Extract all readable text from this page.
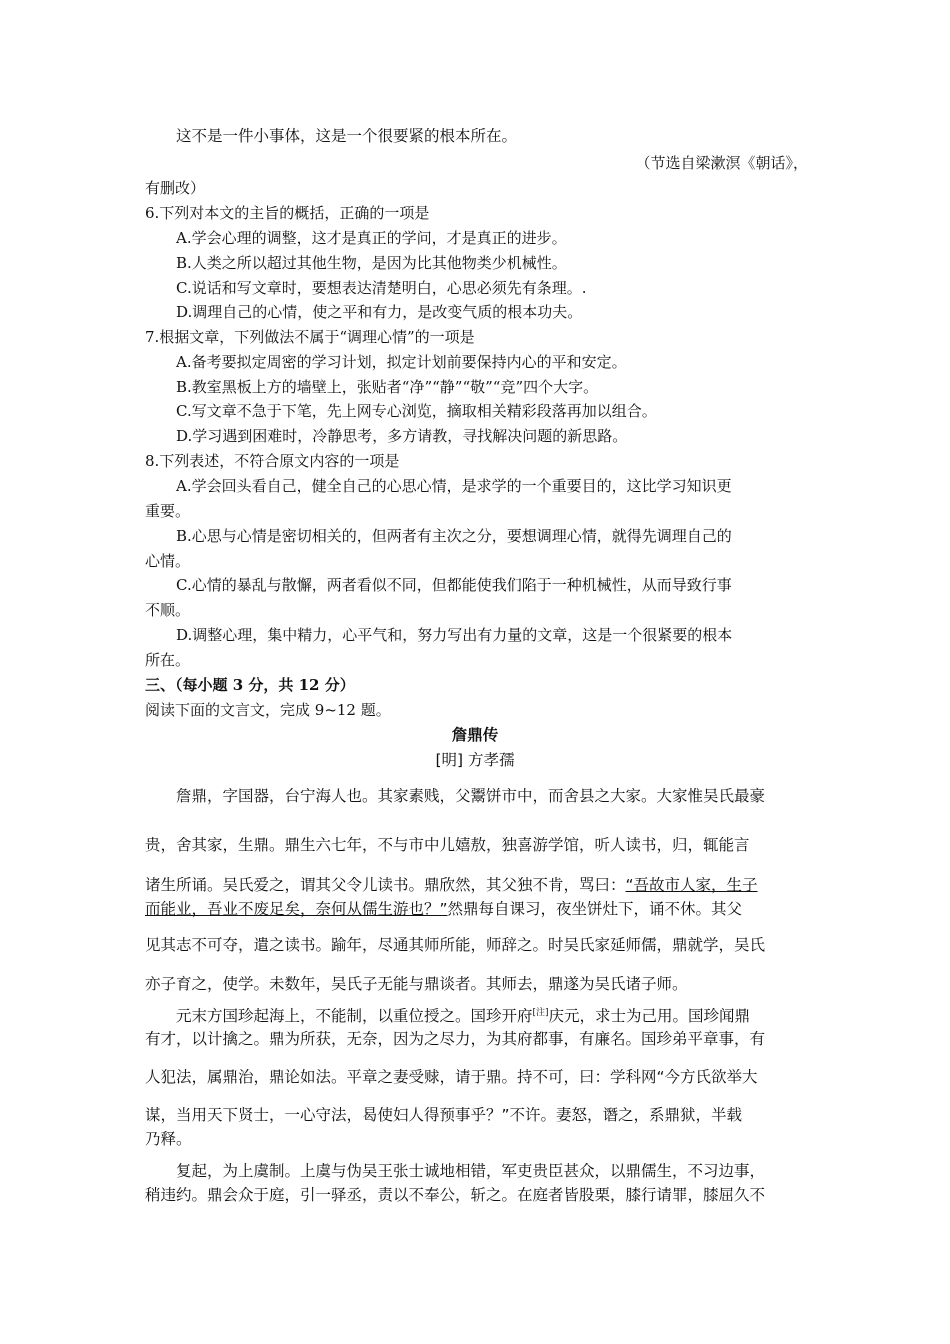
这不是一件小事体，这是一个很要紧的根本所在。
（节选自梁漱溟《朝话》，
有删改）
6.下列对本文的主旨的概括，正确的一项是
A.学会心理的调整，这才是真正的学问，才是真正的进步。
B.人类之所以超过其他生物，是因为比其他物类少机械性。
C.说话和写文章时，要想表达清楚明白，心思必须先有条理。.
D.调理自己的心情，使之平和有力，是改变气质的根本功夫。
7.根据文章，下列做法不属于“调理心情”的一项是
A.备考要拟定周密的学习计划，拟定计划前要保持内心的平和安定。
B.教室黑板上方的墙壁上，张贴者“净”“静”“敬”“竞”四个大字。
C.写文章不急于下笔，先上网专心浏览，摘取相关精彩段落再加以组合。
D.学习遇到困难时，冷静思考，多方请教，寻找解决问题的新思路。
8.下列表述，不符合原文内容的一项是
A.学会回头看自己，健全自己的心思心情，是求学的一个重要目的，这比学习知识更
重要。
B.心思与心情是密切相关的，但两者有主次之分，要想调理心情，就得先调理自己的
心情。
C.心情的暴乱与散懈，两者看似不同，但都能使我们陷于一种机械性，从而导致行事
不顺。
D.调整心理，集中精力，心平气和，努力写出有力量的文章，这是一个很紧要的根本
所在。
三、（每小题 3 分，共 12 分）
阅读下面的文言文，完成 9~12 题。
詹鼎传
[明] 方孝孺
詹鼎，字国器，台宁海人也。其家素贱，父鬻饼市中，而舍县之大家。大家惟吴氏最豪
贵，舍其家，生鼎。鼎生六七年，不与市中儿嬉敖，独喜游学馆，听人读书，归，辄能言
诸生所诵。吴氏爱之，谓其父令儿读书。鼎欣然，其父独不肯，骂曰：“吾故市人家，生子
而能业，吾业不废足矣，奈何从儒生游也？”然鼎每自课习，夜坐饼灶下，诵不休。其父
见其志不可夺，遣之读书。踰年，尽通其师所能，师辞之。时吴氏家延师儒，鼎就学，吴氏
亦子育之，使学。未数年，吴氏子无能与鼎谈者。其师去，鼎遂为吴氏诸子师。
元末方国珍起海上，不能制，以重位授之。国珍开府[注]庆元，求士为己用。国珍闻鼎
有才，以计擒之。鼎为所获，无奈，因为之尽力，为其府都事，有廉名。国珍弟平章事，有
人犯法，属鼎治，鼎论如法。平章之妻受赇，请于鼎。持不可，曰：学科网“今方氏欲举大
谋，当用天下贤士，一心守法，曷使妇人得预事乎？”不许。妻怒，谮之，系鼎狱，半载
乃释。
复起，为上虞制。上虞与伪吴王张士诚地相错，军吏贵臣甚众，以鼎儒生，不习边事，
稍违约。鼎会众于庭，引一驿丞，责以不奉公，斩之。在庭者皆股栗，膝行请罪，膝屈久不
